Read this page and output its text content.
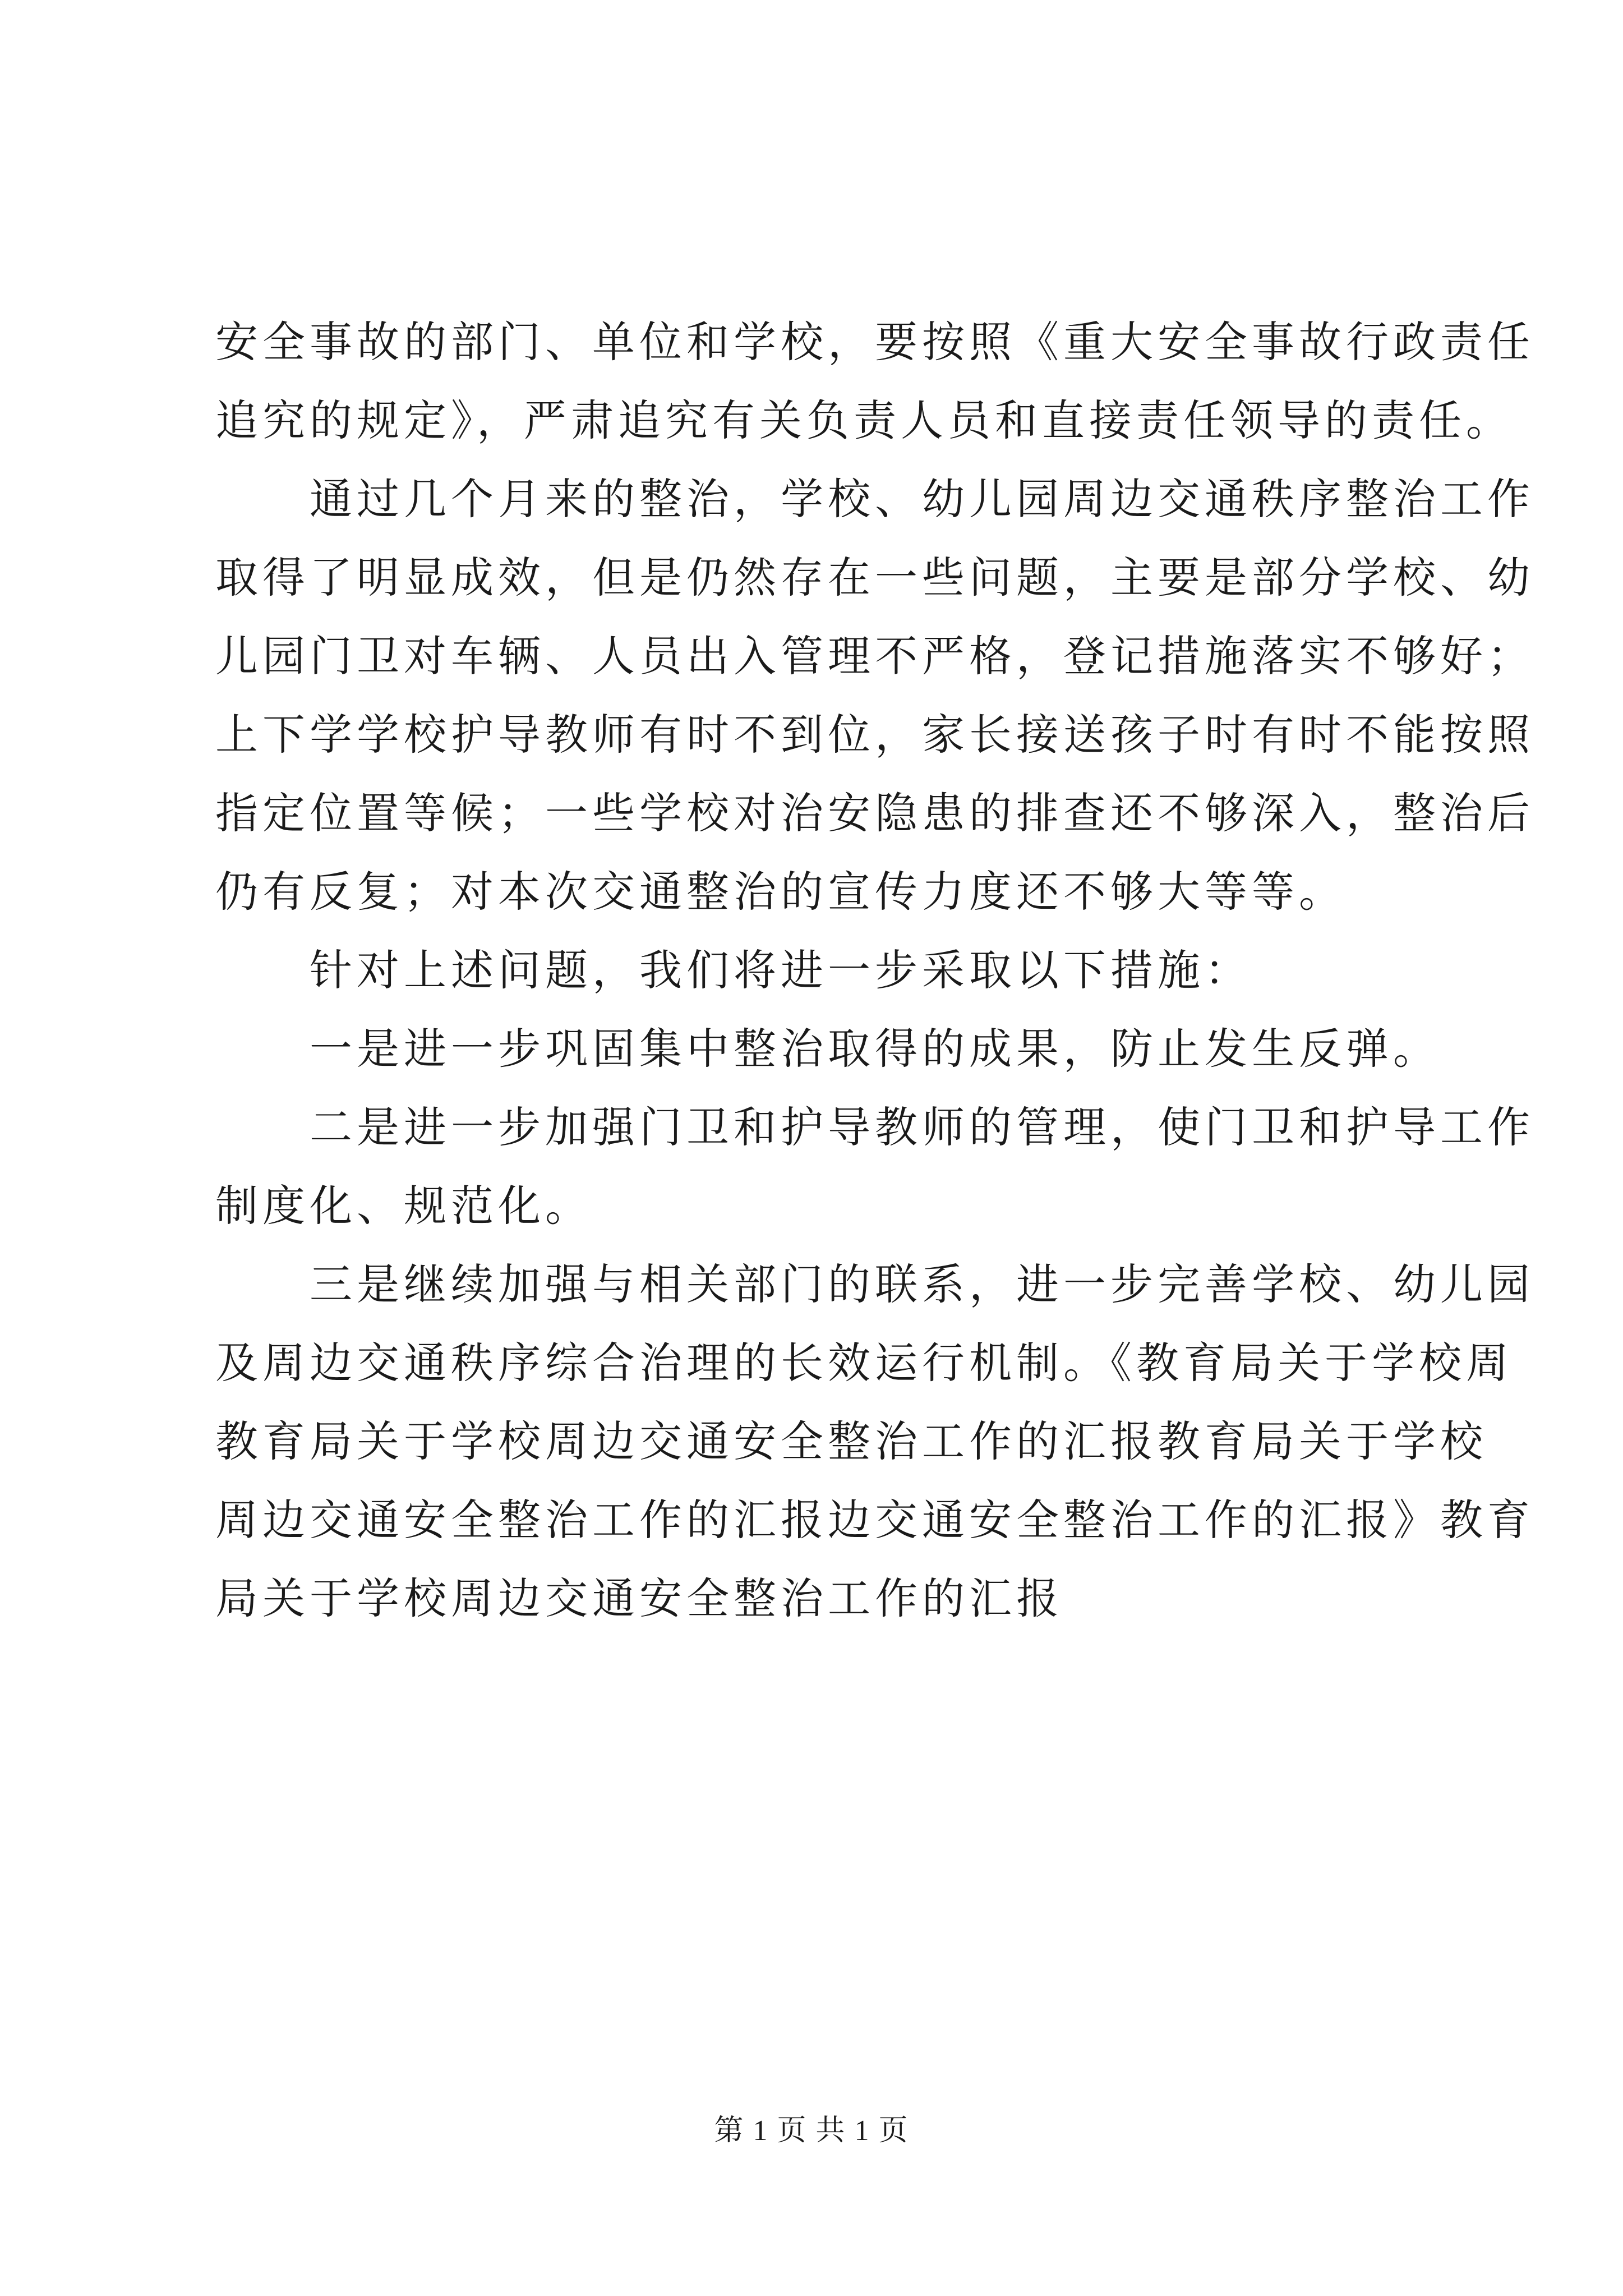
安全事故的部门、单位和学校，要按照《重大安全事故行政责任
追究的规定》，严肃追究有关负责人员和直接责任领导的责任。
通过几个月来的整治，学校、幼儿园周边交通秩序整治工作
取得了明显成效，但是仍然存在一些问题，主要是部分学校、幼
儿园门卫对车辆、人员出入管理不严格，登记措施落实不够好；
上下学学校护导教师有时不到位，家长接送孩子时有时不能按照
指定位置等候；一些学校对治安隐患的排查还不够深入，整治后
仍有反复；对本次交通整治的宣传力度还不够大等等。
针对上述问题，我们将进一步采取以下措施：
一是进一步巩固集中整治取得的成果，防止发生反弹。
二是进一步加强门卫和护导教师的管理，使门卫和护导工作
制度化、规范化。
三是继续加强与相关部门的联系，进一步完善学校、幼儿园
及周边交通秩序综合治理的长效运行机制。《教育局关于学校周
教育局关于学校周边交通安全整治工作的汇报教育局关于学校
周边交通安全整治工作的汇报边交通安全整治工作的汇报》教育
局关于学校周边交通安全整治工作的汇报
第 1 页 共 1 页
